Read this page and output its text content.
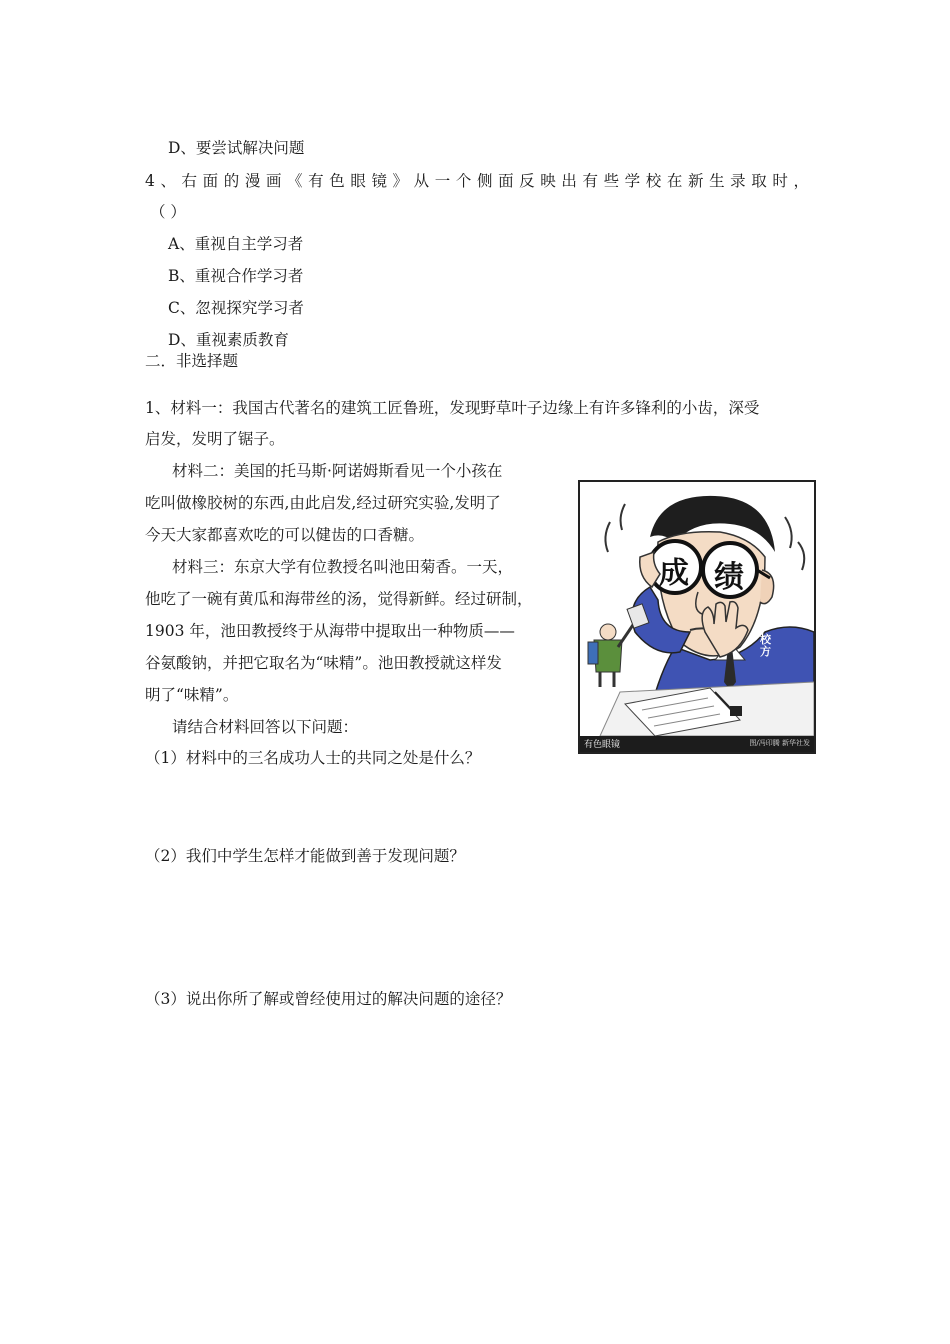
D、要尝试解决问题
4、右面的漫画《有色眼镜》从一个侧面反映出有些学校在新生录取时，
（ ）
A、重视自主学习者
B、重视合作学习者
C、忽视探究学习者
D、重视素质教育
二．非选择题
1、材料一：我国古代著名的建筑工匠鲁班，发现野草叶子边缘上有许多锋利的小齿，深受
启发，发明了锯子。
材料二：美国的托马斯·阿诺姆斯看见一个小孩在
吃叫做橡胶树的东西,由此启发,经过研究实验,发明了
今天大家都喜欢吃的可以健齿的口香糖。
材料三：东京大学有位教授名叫池田菊香。一天，
他吃了一碗有黄瓜和海带丝的汤，觉得新鲜。经过研制，
1903 年，池田教授终于从海带中提取出一种物质——
谷氨酸钠，并把它取名为“味精”。池田教授就这样发
明了“味精”。
请结合材料回答以下问题：
（1）材料中的三名成功人士的共同之处是什么？
（2）我们中学生怎样才能做到善于发现问题？
（3）说出你所了解或曾经使用过的解决问题的途径？
成 绩
校方
有色眼镜	图/冯印腾 新华社发
